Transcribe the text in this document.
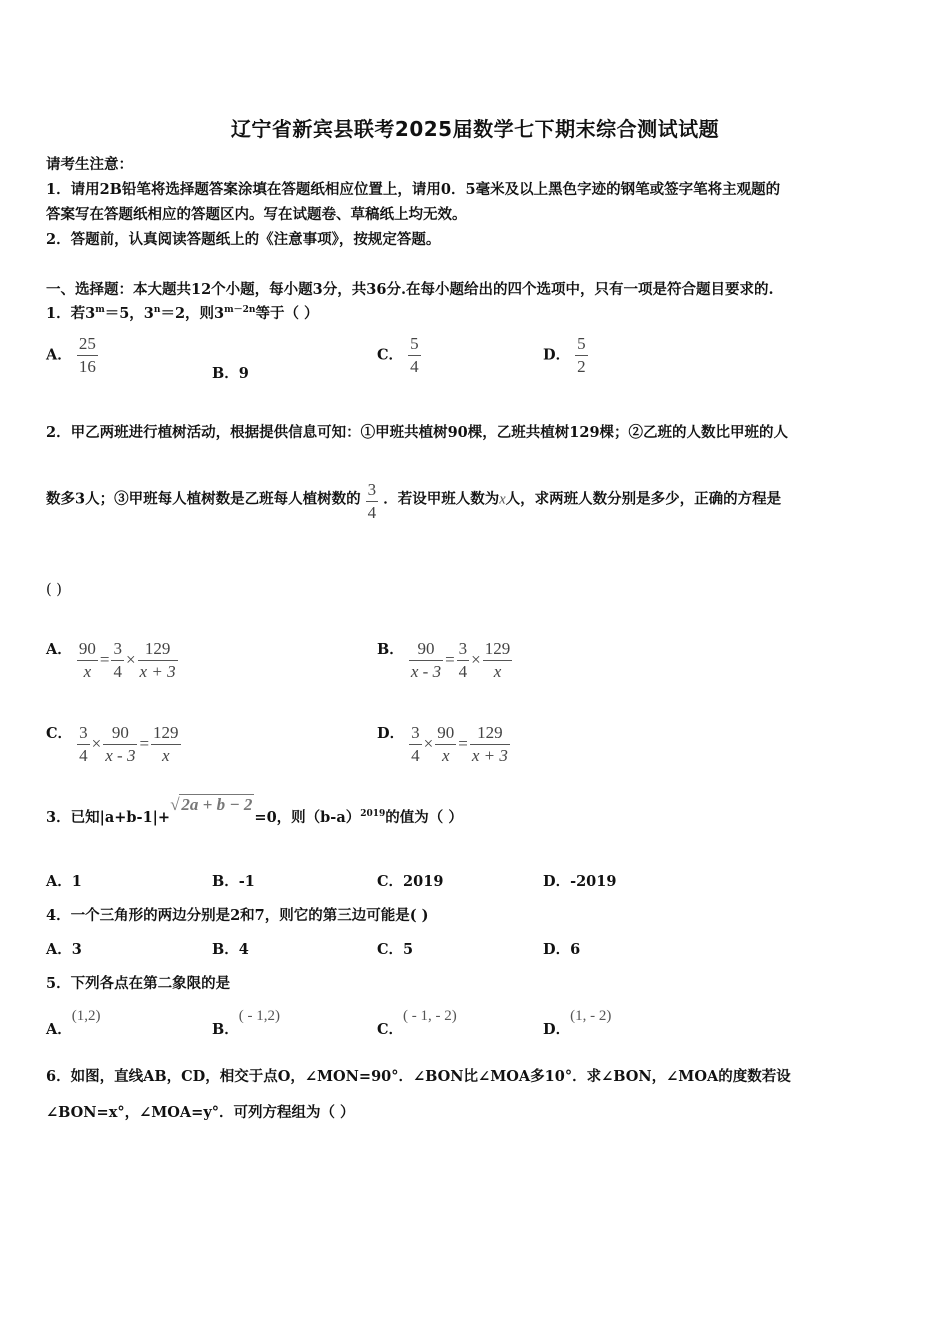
辽宁省新宾县联考2025届数学七下期末综合测试试题
请考生注意：
1．请用2B铅笔将选择题答案涂填在答题纸相应位置上，请用0．5毫米及以上黑色字迹的钢笔或签字笔将主观题的
答案写在答题纸相应的答题区内。写在试题卷、草稿纸上均无效。
2．答题前，认真阅读答题纸上的《注意事项》，按规定答题。
一、选择题：本大题共12个小题，每小题3分，共36分.在每小题给出的四个选项中，只有一项是符合题目要求的.
1．若$3^m=5$，$3^n=2$，则$3^{m-2n}$等于（ ）
A． $\frac{25}{16}$	B．9
C． $\frac{5}{4}$	D． $\frac{5}{2}$
2．甲乙两班进行植树活动，根据提供信息可知：①甲班共植树90棵，乙班共植树129棵；②乙班的人数比甲班的人
数多3人；③甲班每人植树数是乙班每人植树数的 $\frac{3}{4}$ ．若设甲班人数为x人，求两班人数分别是多少，正确的方程是
( )
A． $\frac{90}{x} = \frac{3}{4} \times \frac{129}{x + 3}$	B． $\frac{90}{x - 3} = \frac{3}{4} \times \frac{129}{x}$
C． $\frac{3}{4} \times \frac{90}{x - 3} = \frac{129}{x}$	D． $\frac{3}{4} \times \frac{90}{x} = \frac{129}{x + 3}$
3．已知|a+b-1|+√ 2a + b − 2=0，则$(b-a)^{2019}$的值为（ ）
A．1	B．-1	C．2019	D．-2019
4．一个三角形的两边分别是2和7，则它的第三边可能是( )
A．3	B．4	C．5	D．6
5．下列各点在第二象限的是
A．(1,2)
B．( - 1,2)
C．( - 1, - 2)
D．(1, - 2)
6．如图，直线AB，CD，相交于点O，∠MON=90°．∠BON比∠MOA多10°．求∠BON，∠MOA的度数若设
∠BON=x°，∠MOA=y°．可列方程组为（ ）
